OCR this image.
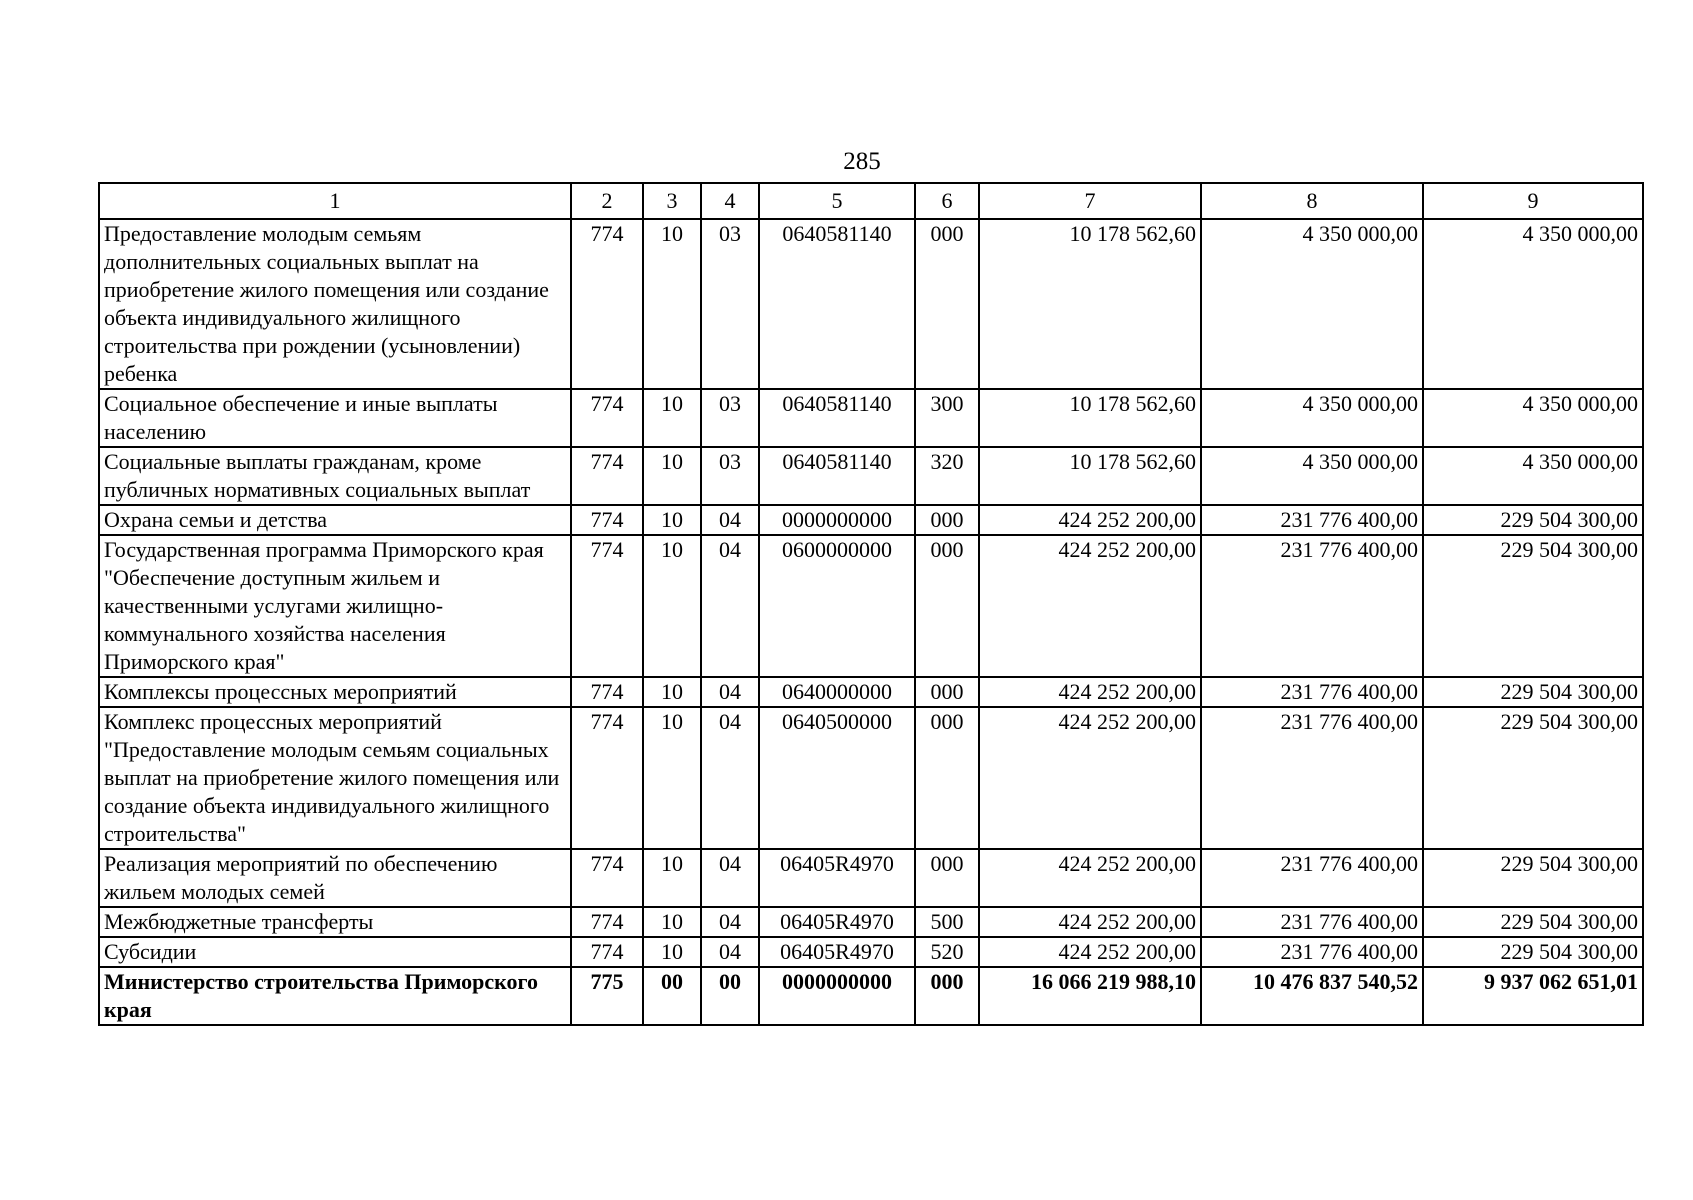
285
1	2	3	4	5	6	7	8	9
Предоставление молодым семьям дополнительных социальных выплат на приобретение жилого помещения или создание объекта индивидуального жилищного строительства при рождении (усыновлении) ребенка	774	10	03	0640581140	000	10 178 562,60	4 350 000,00	4 350 000,00
Социальное обеспечение и иные выплаты населению	774	10	03	0640581140	300	10 178 562,60	4 350 000,00	4 350 000,00
Социальные выплаты гражданам, кроме публичных нормативных социальных выплат	774	10	03	0640581140	320	10 178 562,60	4 350 000,00	4 350 000,00
Охрана семьи и детства	774	10	04	0000000000	000	424 252 200,00	231 776 400,00	229 504 300,00
Государственная программа Приморского края "Обеспечение доступным жильем и качественными услугами жилищно-коммунального хозяйства населения Приморского края"	774	10	04	0600000000	000	424 252 200,00	231 776 400,00	229 504 300,00
Комплексы процессных мероприятий	774	10	04	0640000000	000	424 252 200,00	231 776 400,00	229 504 300,00
Комплекс процессных мероприятий "Предоставление молодым семьям социальных выплат на приобретение жилого помещения или создание объекта индивидуального жилищного строительства"	774	10	04	0640500000	000	424 252 200,00	231 776 400,00	229 504 300,00
Реализация мероприятий по обеспечению жильем молодых семей	774	10	04	06405R4970	000	424 252 200,00	231 776 400,00	229 504 300,00
Межбюджетные трансферты	774	10	04	06405R4970	500	424 252 200,00	231 776 400,00	229 504 300,00
Субсидии	774	10	04	06405R4970	520	424 252 200,00	231 776 400,00	229 504 300,00
Министерство строительства Приморского края	775	00	00	0000000000	000	16 066 219 988,10	10 476 837 540,52	9 937 062 651,01
